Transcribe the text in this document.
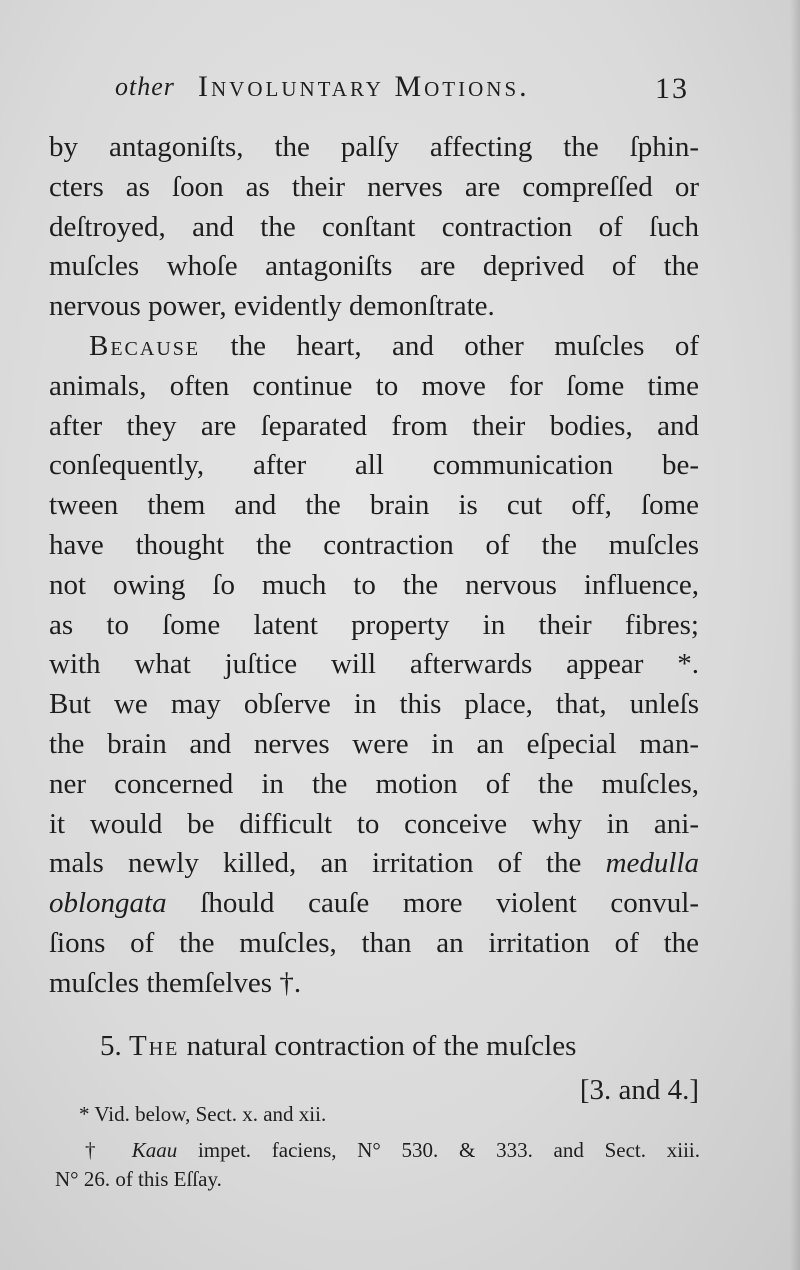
other Involuntary Motions.	13
by antagoniſts, the palſy affecting the ſphin-
cters as ſoon as their nerves are compreſſed or
deſtroyed, and the conſtant contraction of ſuch
muſcles whoſe antagoniſts are deprived of the
nervous power, evidently demonſtrate.
Because the heart, and other muſcles of
animals, often continue to move for ſome time
after they are ſeparated from their bodies, and
conſequently, after all communication be-
tween them and the brain is cut off, ſome
have thought the contraction of the muſcles
not owing ſo much to the nervous influence,
as to ſome latent property in their fibres;
with what juſtice will afterwards appear *.
But we may obſerve in this place, that, unleſs
the brain and nerves were in an eſpecial man-
ner concerned in the motion of the muſcles,
it would be difficult to conceive why in ani-
mals newly killed, an irritation of the medulla
oblongata ſhould cauſe more violent convul-
ſions of the muſcles, than an irritation of the
muſcles themſelves †.
5. The natural contraction of the muſcles
[3. and 4.]
* Vid. below, Sect. x. and xii.
† Kaau impet. faciens, N° 530. & 333. and Sect. xiii.
N° 26. of this Eſſay.
